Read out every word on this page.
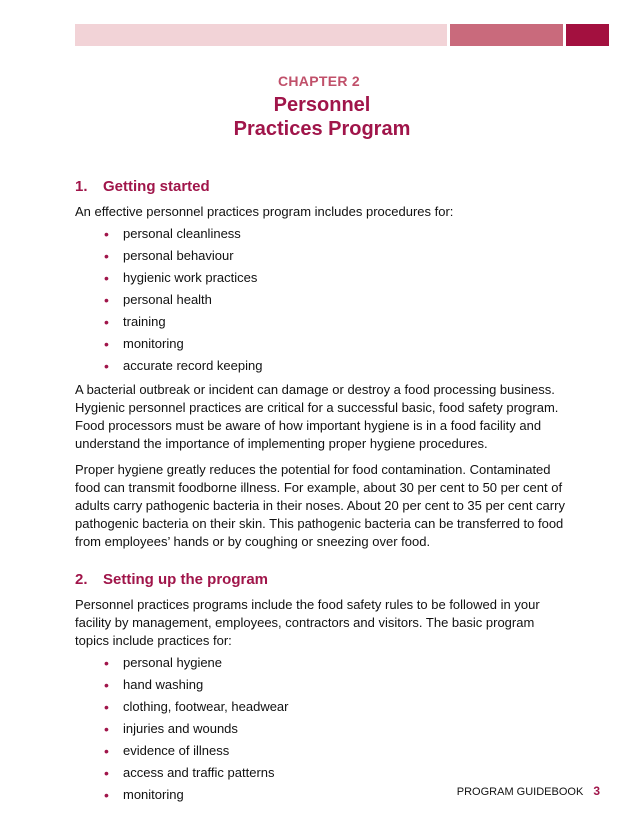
CHAPTER 2
Personnel
Practices Program
1. Getting started

An effective personnel practices program includes procedures for:

• personal cleanliness
• personal behaviour
• hygienic work practices
• personal health
• training
• monitoring
• accurate record keeping

A bacterial outbreak or incident can damage or destroy a food processing business. Hygienic personnel practices are critical for a successful basic, food safety program. Food processors must be aware of how important hygiene is in a food facility and understand the importance of implementing proper hygiene procedures.

Proper hygiene greatly reduces the potential for food contamination. Contaminated food can transmit foodborne illness. For example, about 30 per cent to 50 per cent of adults carry pathogenic bacteria in their noses. About 20 per cent to 35 per cent carry pathogenic bacteria on their skin. This pathogenic bacteria can be transferred to food from employees’ hands or by coughing or sneezing over food.

2. Setting up the program

Personnel practices programs include the food safety rules to be followed in your facility by management, employees, contractors and visitors. The basic program topics include practices for:

• personal hygiene
• hand washing
• clothing, footwear, headwear
• injuries and wounds
• evidence of illness
• access and traffic patterns
• monitoring	PROGRAM GUIDEBOOK 3
